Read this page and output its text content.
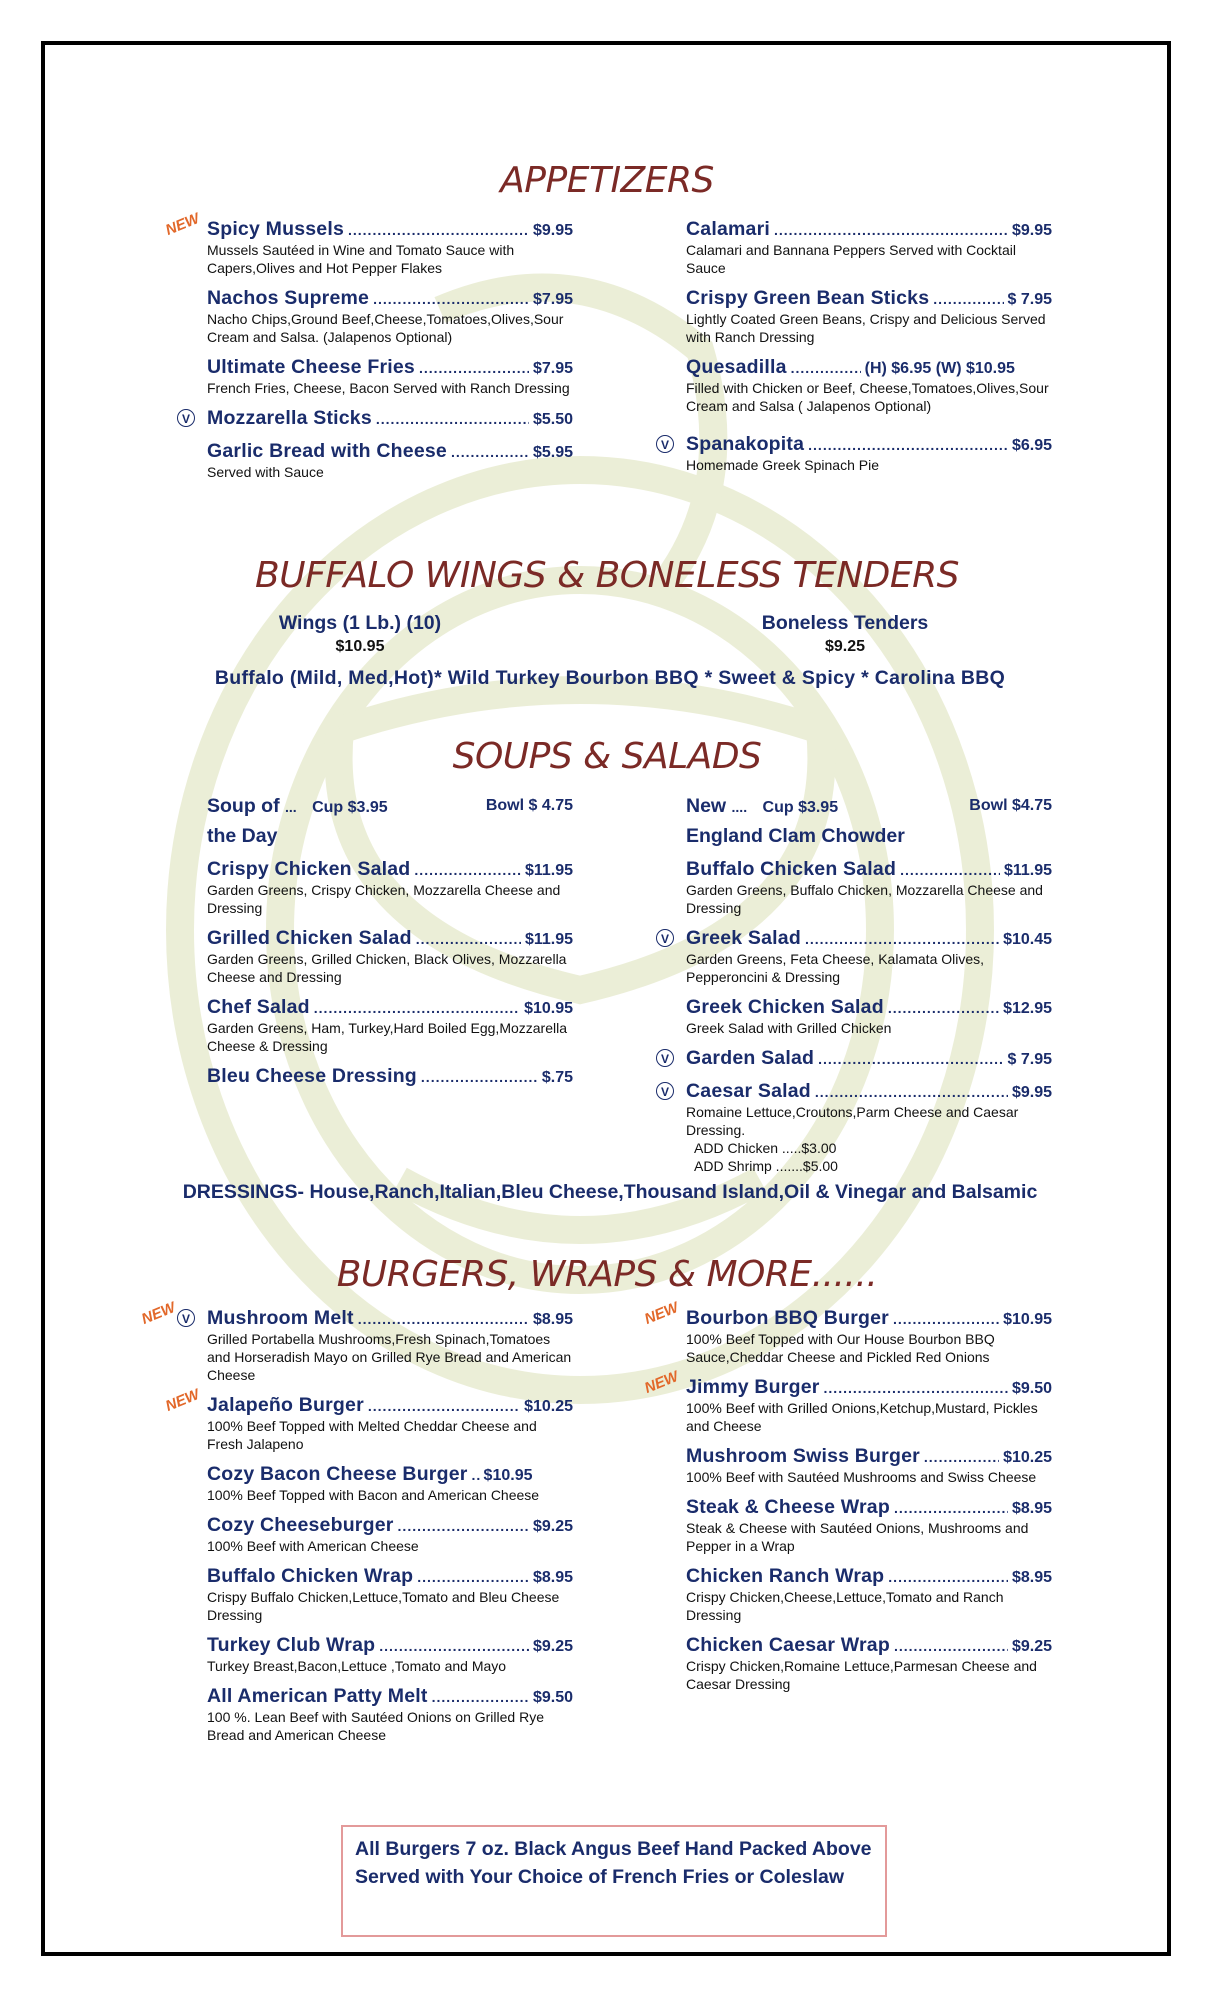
APPETIZERS
NEW Spicy Mussels .....	$9.95
Mussels Sautéed in Wine and Tomato Sauce with Capers,Olives and Hot Pepper Flakes
Nachos Supreme .....	$7.95
Nacho Chips,Ground Beef,Cheese,Tomatoes,Olives,Sour Cream and Salsa. (Jalapenos Optional)
Ultimate Cheese Fries .....	$7.95
French Fries, Cheese, Bacon Served with Ranch Dressing
V Mozzarella Sticks .....	$5.50
Garlic Bread with Cheese .....	$5.95
Served with Sauce
Calamari .....	$9.95
Calamari and Bannana Peppers Served with Cocktail Sauce
Crispy Green Bean Sticks .....	$ 7.95
Lightly Coated Green Beans, Crispy and Delicious Served with Ranch Dressing
Quesadilla .....	(H) $6.95 (W) $10.95
Filled with Chicken or Beef, Cheese,Tomatoes,Olives,Sour Cream and Salsa ( Jalapenos Optional)
V Spanakopita .....	$6.95
Homemade Greek Spinach Pie
BUFFALO WINGS & BONELESS TENDERS
Wings (1 Lb.) (10)
$10.95
Boneless Tenders
$9.25
Buffalo (Mild, Med,Hot)* Wild Turkey Bourbon BBQ * Sweet & Spicy * Carolina BBQ
SOUPS & SALADS
Soup of ... Cup $3.95	Bowl $ 4.75
the Day
Crispy Chicken Salad .....	$11.95
Garden Greens, Crispy Chicken, Mozzarella Cheese and Dressing
Grilled Chicken Salad .....	$11.95
Garden Greens, Grilled Chicken, Black Olives, Mozzarella Cheese and Dressing
Chef Salad .....	$10.95
Garden Greens, Ham, Turkey,Hard Boiled Egg,Mozzarella Cheese & Dressing
Bleu Cheese Dressing .....	$.75
New .... Cup $3.95	Bowl $4.75
England Clam Chowder
Buffalo Chicken Salad .....	$11.95
Garden Greens, Buffalo Chicken, Mozzarella Cheese and Dressing
V Greek Salad .....	$10.45
Garden Greens, Feta Cheese, Kalamata Olives, Pepperoncini & Dressing
Greek Chicken Salad .....	$12.95
Greek Salad with Grilled Chicken
V Garden Salad .....	$ 7.95
V Caesar Salad .....	$9.95
Romaine Lettuce,Croutons,Parm Cheese and Caesar Dressing.
ADD Chicken .....$3.00
ADD Shrimp .......$5.00
DRESSINGS- House,Ranch,Italian,Bleu Cheese,Thousand Island,Oil & Vinegar and Balsamic
BURGERS, WRAPS & MORE......
NEW V Mushroom Melt .....	$8.95
Grilled Portabella Mushrooms,Fresh Spinach,Tomatoes and Horseradish Mayo on Grilled Rye Bread and American Cheese
NEW Jalapeño Burger .....	$10.25
100% Beef Topped with Melted Cheddar Cheese and Fresh Jalapeno
Cozy Bacon Cheese Burger ..... $10.95
100% Beef Topped with Bacon and American Cheese
Cozy Cheeseburger .....	$9.25
100% Beef with American Cheese
Buffalo Chicken Wrap .....	$8.95
Crispy Buffalo Chicken,Lettuce,Tomato and Bleu Cheese Dressing
Turkey Club Wrap .....	$9.25
Turkey Breast,Bacon,Lettuce ,Tomato and Mayo
All American Patty Melt .....	$9.50
100 %. Lean Beef with Sautéed Onions on Grilled Rye Bread and American Cheese
NEW Bourbon BBQ Burger .....	$10.95
100% Beef Topped with Our House Bourbon BBQ Sauce,Cheddar Cheese and Pickled Red Onions
NEW Jimmy Burger .....	$9.50
100% Beef with Grilled Onions,Ketchup,Mustard, Pickles and Cheese
Mushroom Swiss Burger .....	$10.25
100% Beef with Sautéed Mushrooms and Swiss Cheese
Steak & Cheese Wrap .....	$8.95
Steak & Cheese with Sautéed Onions, Mushrooms and Pepper in a Wrap
Chicken Ranch Wrap .....	$8.95
Crispy Chicken,Cheese,Lettuce,Tomato and Ranch Dressing
Chicken Caesar Wrap .....	$9.25
Crispy Chicken,Romaine Lettuce,Parmesan Cheese and Caesar Dressing
All Burgers 7 oz. Black Angus Beef Hand Packed Above Served with Your Choice of French Fries or Coleslaw
